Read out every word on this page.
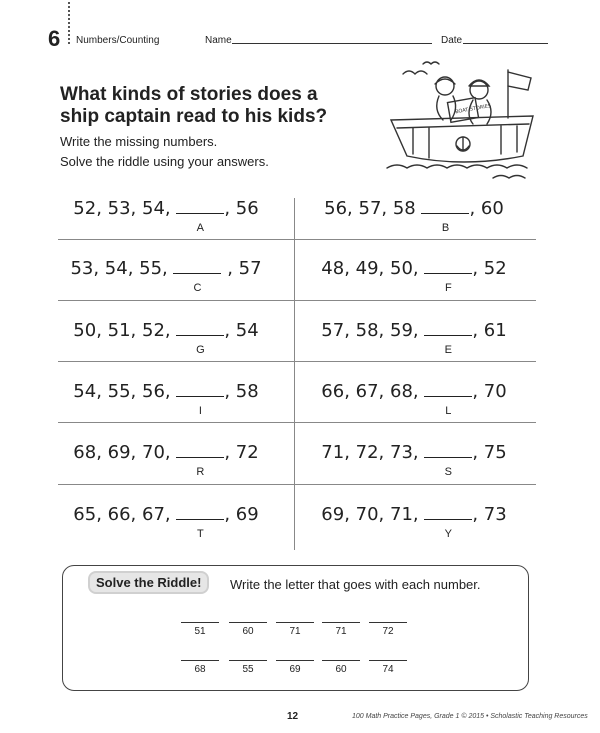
6 Numbers/Counting	Name	Date
What kinds of stories does a ship captain read to his kids?
Write the missing numbers.
Solve the riddle using your answers.
BOAT STORIES
52, 53, 54,	, 56
A
56, 57, 58	, 60
B
53, 54, 55,	, 57
C
48, 49, 50,	, 52
F
50, 51, 52,	, 54
G
57, 58, 59,	, 61
E
54, 55, 56,	, 58
I
66, 67, 68,	, 70
L
68, 69, 70,	, 72
R
71, 72, 73,	, 75
S
65, 66, 67,	, 69
T
69, 70, 71,	, 73
Y
Solve the Riddle!	Write the letter that goes with each number.
51	60	71	71	72
68	55	69	60	74
12	100 Math Practice Pages, Grade 1 © 2015 • Scholastic Teaching Resources
